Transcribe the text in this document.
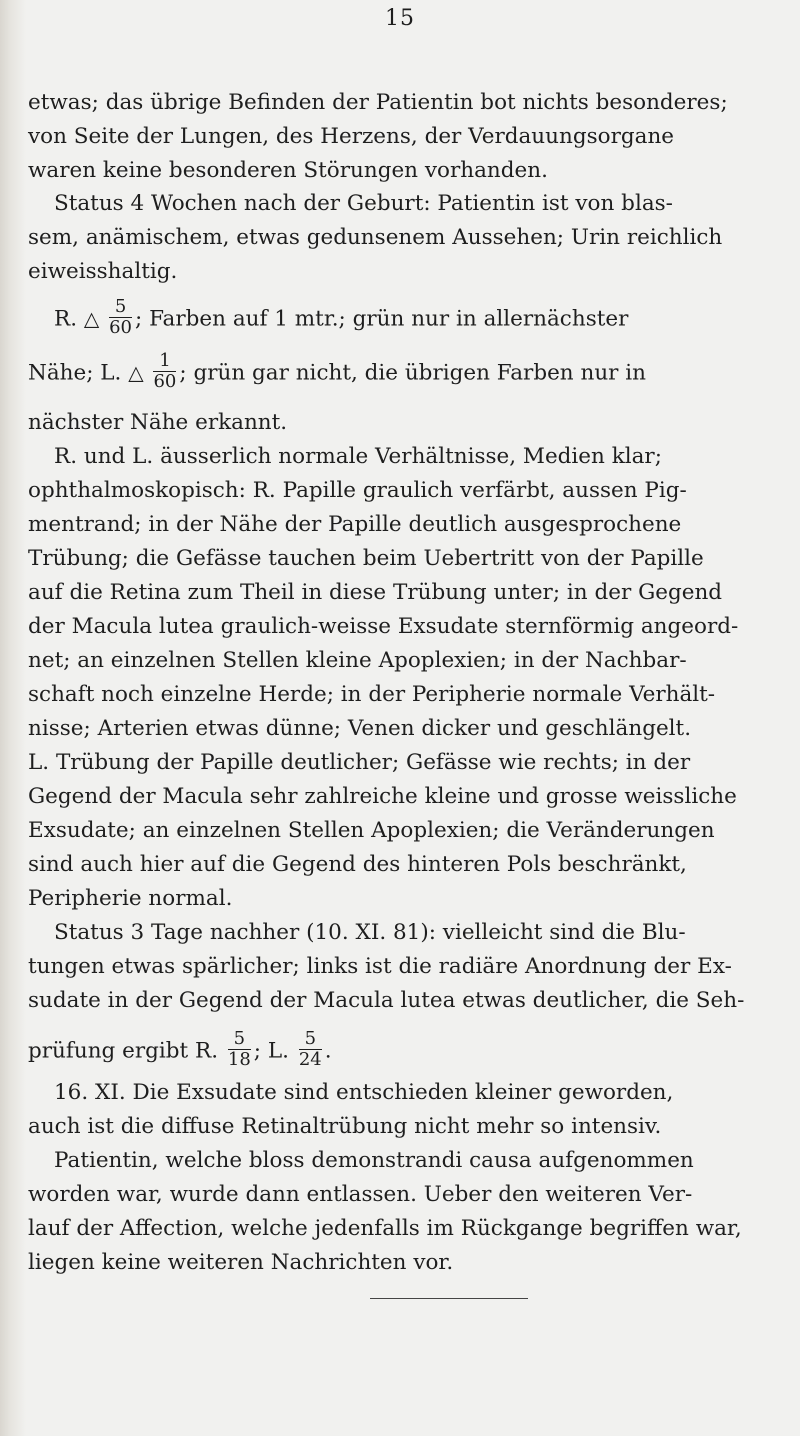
15
etwas; das übrige Befinden der Patientin bot nichts besonderes;
von Seite der Lungen, des Herzens, der Verdauungsorgane
waren keine besonderen Störungen vorhanden.
Status 4 Wochen nach der Geburt: Patientin ist von blas-
sem, anämischem, etwas gedunsenem Aussehen; Urin reichlich
eiweisshaltig.
R. △ $\frac{5}{60}$ ; Farben auf 1 mtr.; grün nur in allernächster
Nähe; L. △ $\frac{1}{60}$ ; grün gar nicht, die übrigen Farben nur in
nächster Nähe erkannt.
R. und L. äusserlich normale Verhältnisse, Medien klar;
ophthalmoskopisch: R. Papille graulich verfärbt, aussen Pig-
mentrand; in der Nähe der Papille deutlich ausgesprochene
Trübung; die Gefässe tauchen beim Uebertritt von der Papille
auf die Retina zum Theil in diese Trübung unter; in der Gegend
der Macula lutea graulich-weisse Exsudate sternförmig angeord-
net; an einzelnen Stellen kleine Apoplexien; in der Nachbar-
schaft noch einzelne Herde; in der Peripherie normale Verhält-
nisse; Arterien etwas dünne; Venen dicker und geschlängelt.
L. Trübung der Papille deutlicher; Gefässe wie rechts; in der
Gegend der Macula sehr zahlreiche kleine und grosse weissliche
Exsudate; an einzelnen Stellen Apoplexien; die Veränderungen
sind auch hier auf die Gegend des hinteren Pols beschränkt,
Peripherie normal.
Status 3 Tage nachher (10. XI. 81): vielleicht sind die Blu-
tungen etwas spärlicher; links ist die radiäre Anordnung der Ex-
sudate in der Gegend der Macula lutea etwas deutlicher, die Seh-
prüfung ergibt R. $\frac{5}{18}$ ; L. $\frac{5}{24}$ .
16. XI. Die Exsudate sind entschieden kleiner geworden,
auch ist die diffuse Retinaltrübung nicht mehr so intensiv.
Patientin, welche bloss demonstrandi causa aufgenommen
worden war, wurde dann entlassen. Ueber den weiteren Ver-
lauf der Affection, welche jedenfalls im Rückgange begriffen war,
liegen keine weiteren Nachrichten vor.
